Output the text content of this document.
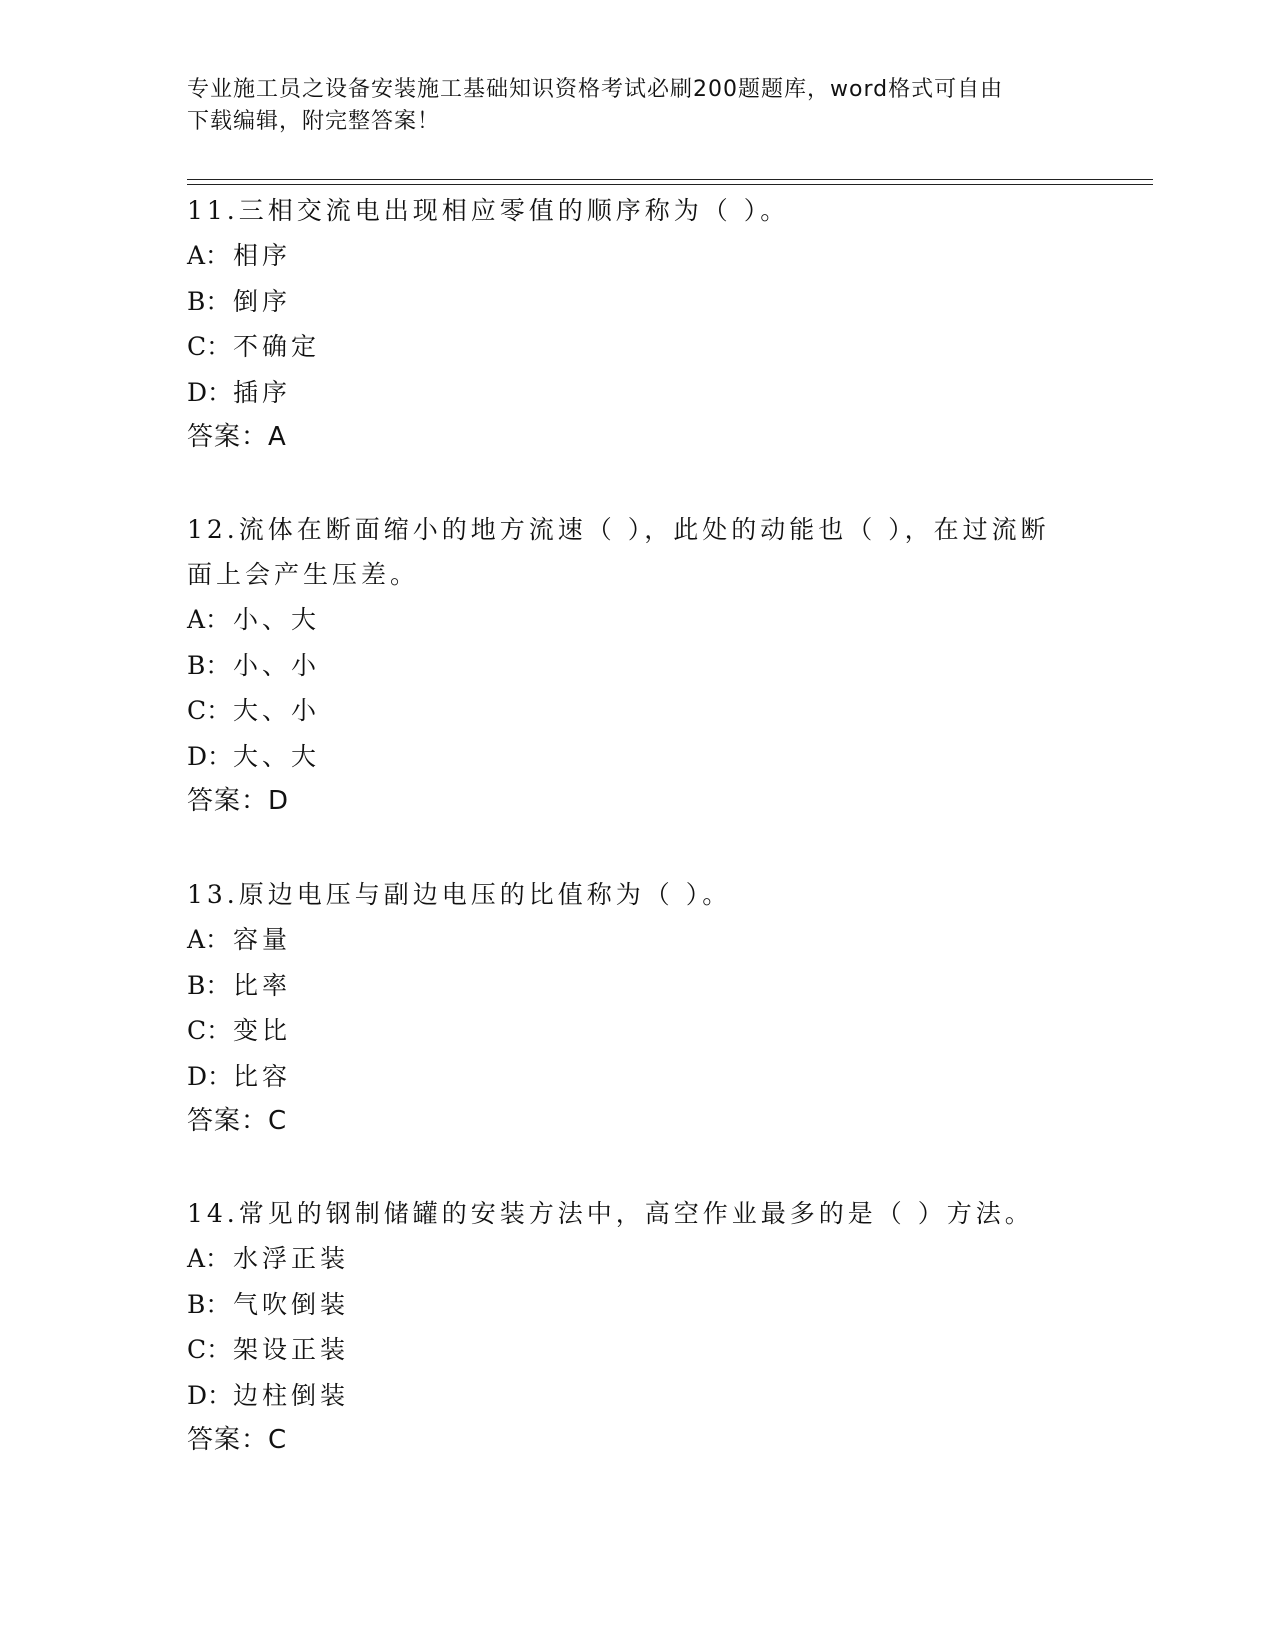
专业施工员之设备安装施工基础知识资格考试必刷200题题库，word格式可自由
下载编辑，附完整答案！

11.三相交流电出现相应零值的顺序称为（ ）。

A： 相序

B： 倒序

C： 不确定

D： 插序

答案：A

12.流体在断面缩小的地方流速（ ），此处的动能也（ ），在过流断

面上会产生压差。

A： 小、大

B： 小、小

C： 大、小

D： 大、大

答案：D

13.原边电压与副边电压的比值称为（ ）。

A： 容量

B： 比率

C： 变比

D： 比容

答案：C

14.常见的钢制储罐的安装方法中，高空作业最多的是（ ）方法。

A： 水浮正装

B： 气吹倒装

C： 架设正装

D： 边柱倒装

答案：C
